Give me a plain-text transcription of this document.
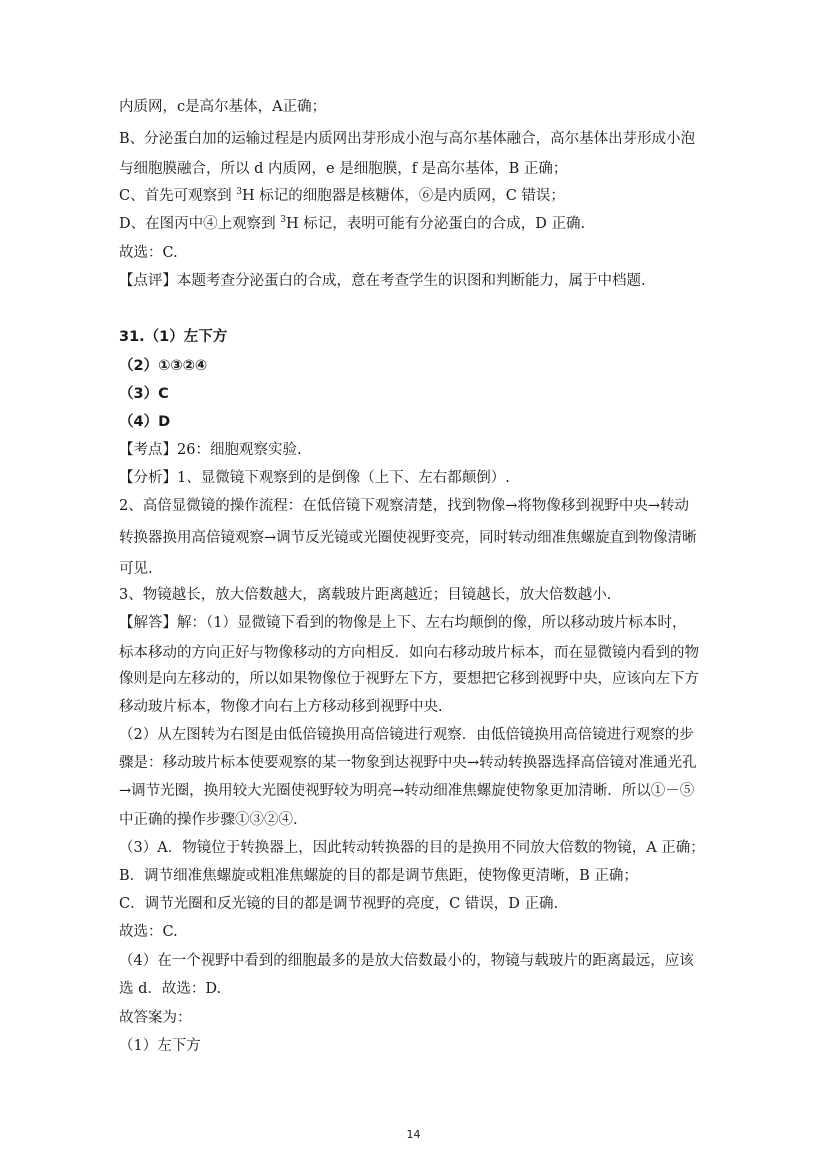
内质网，c是高尔基体，A正确；
B、分泌蛋白加的运输过程是内质网出芽形成小泡与高尔基体融合，高尔基体出芽形成小泡
与细胞膜融合，所以 d 内质网，e 是细胞膜，f 是高尔基体，B 正确；
C、首先可观察到 $^3$H 标记的细胞器是核糖体，⑥是内质网，C 错误；
D、在图丙中④上观察到 $^3$H 标记，表明可能有分泌蛋白的合成，D 正确.
故选：C.
【点评】本题考查分泌蛋白的合成，意在考查学生的识图和判断能力，属于中档题.
31.（1）左下方
（2）①③②④
（3）C
（4）D
【考点】26：细胞观察实验.
【分析】1、显微镜下观察到的是倒像（上下、左右都颠倒）.
2、高倍显微镜的操作流程：在低倍镜下观察清楚，找到物像→将物像移到视野中央→转动
转换器换用高倍镜观察→调节反光镜或光圈使视野变亮，同时转动细准焦螺旋直到物像清晰
可见.
3、物镜越长，放大倍数越大，离载玻片距离越近；目镜越长，放大倍数越小.
【解答】解：（1）显微镜下看到的物像是上下、左右均颠倒的像，所以移动玻片标本时，
标本移动的方向正好与物像移动的方向相反．如向右移动玻片标本，而在显微镜内看到的物
像则是向左移动的，所以如果物像位于视野左下方，要想把它移到视野中央，应该向左下方
移动玻片标本，物像才向右上方移动移到视野中央.
（2）从左图转为右图是由低倍镜换用高倍镜进行观察．由低倍镜换用高倍镜进行观察的步
骤是：移动玻片标本使要观察的某一物象到达视野中央→转动转换器选择高倍镜对准通光孔
→调节光圈，换用较大光圈使视野较为明亮→转动细准焦螺旋使物象更加清晰．所以①－⑤
中正确的操作步骤①③②④.
（3）A．物镜位于转换器上，因此转动转换器的目的是换用不同放大倍数的物镜，A 正确；
B．调节细准焦螺旋或粗准焦螺旋的目的都是调节焦距，使物像更清晰，B 正确；
C．调节光圈和反光镜的目的都是调节视野的亮度，C 错误，D 正确.
故选：C.
（4）在一个视野中看到的细胞最多的是放大倍数最小的，物镜与载玻片的距离最远，应该
选 d．故选：D.
故答案为：
（1）左下方
14
